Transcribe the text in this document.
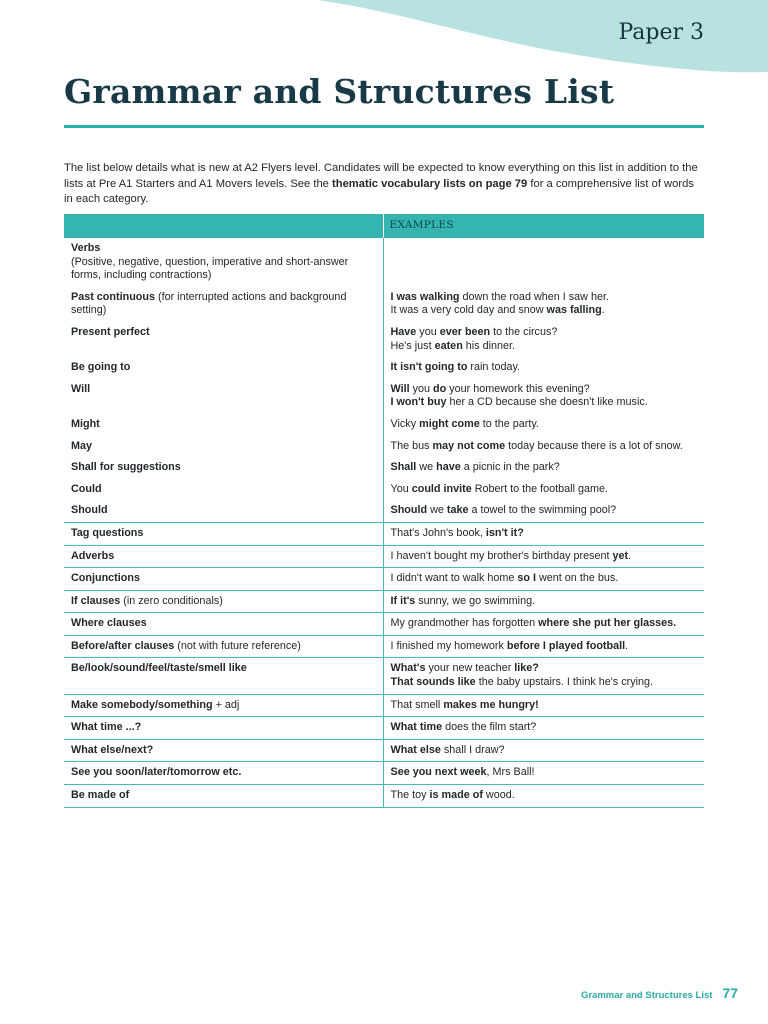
Paper 3
Grammar and Structures List

The list below details what is new at A2 Flyers level. Candidates will be expected to know everything on this list in addition to the lists at Pre A1 Starters and A1 Movers levels. See the thematic vocabulary lists on page 79 for a comprehensive list of words in each category.

	EXAMPLES

Verbs
(Positive, negative, question, imperative and short-answer forms, including contractions)	

Past continuous (for interrupted actions and background setting)	I was walking down the road when I saw her.
It was a very cold day and snow was falling.

Present perfect	Have you ever been to the circus?
He's just eaten his dinner.

Be going to	It isn't going to rain today.

Will	Will you do your homework this evening?
I won't buy her a CD because she doesn't like music.

Might	Vicky might come to the party.

May	The bus may not come today because there is a lot of snow.

Shall for suggestions	Shall we have a picnic in the park?

Could	You could invite Robert to the football game.

Should	Should we take a towel to the swimming pool?

Tag questions	That's John's book, isn't it?

Adverbs	I haven't bought my brother's birthday present yet.

Conjunctions	I didn't want to walk home so I went on the bus.

If clauses (in zero conditionals)	If it's sunny, we go swimming.

Where clauses	My grandmother has forgotten where she put her glasses.

Before/after clauses (not with future reference)	I finished my homework before I played football.

Be/look/sound/feel/taste/smell like	What's your new teacher like?
That sounds like the baby upstairs. I think he's crying.

Make somebody/something + adj	That smell makes me hungry!

What time ...?	What time does the film start?

What else/next?	What else shall I draw?

See you soon/later/tomorrow etc.	See you next week, Mrs Ball!

Be made of	The toy is made of wood.
Grammar and Structures List 77
